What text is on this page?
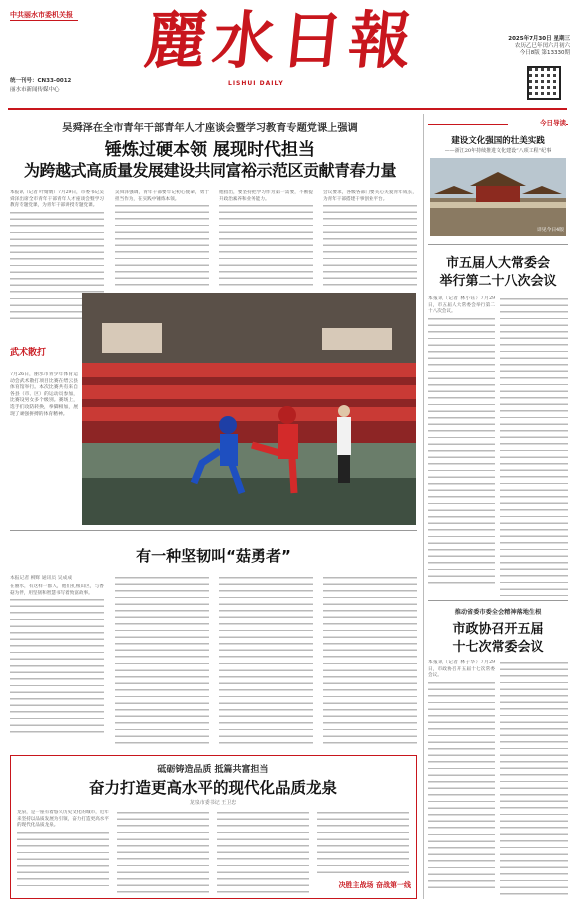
中共丽水市委机关报
统一刊号：CN33-0012
丽水市新闻传媒中心
麗水日報
LISHUI DAILY
2025年7月30日 星期三
农历乙巳年闰六月初六
今日8版 第13330期
吴舜泽在全市青年干部青年人才座谈会暨学习教育专题党课上强调
锤炼过硬本领 展现时代担当
为跨越式高质量发展建设共同富裕示范区贡献青春力量
本报讯（记者 叶婧婧）7月29日，市委书记吴舜泽出席全市青年干部青年人才座谈会暨学习教育专题党课，为青年干部讲授专题党课。
吴舜泽强调，青年干部要牢记初心使命，勇于担当作为，在实践中锤炼本领。
他指出，要坚持把学习作为第一需要，不断提升政治素养和业务能力。
会议要求，各级各部门要关心关爱青年成长，为青年干部搭建干事创业平台。
武术散打
7月26日，丽水市青少年体育运动会武术散打项目比赛在缙云县体育馆举行。本次比赛共有来自各县（市、区）的运动员参加，比赛设男女多个级别。赛场上，选手们攻防转换，拳脚相加，展现了顽强拼搏的体育精神。
有一种坚韧叫“菇勇者”
本报记者 柳辉 通讯员 吴成成
在丽水，有这样一群人，他们扎根山区，与香菇为伴，用坚韧和智慧书写着致富故事。
砥砺铸造品质 抵篇共富担当
奋力打造更高水平的现代化品质龙泉
龙泉市委书记 王卫忠
龙泉，是一座有着悠久历史文化的城市，近年来坚持以品质发展为引领，奋力打造更高水平的现代化品质龙泉。
决胜主战场 奋战第一线
今日导读
建设文化强国的壮美实践
——浙江20年持续推进文化建设“八项工程”纪事
详见今日4版
市五届人大常委会
举行第二十八次会议
本报讯（记者 林小钰）7月29日，市五届人大常委会举行第二十八次会议。
推动省委市委全会精神落地生根
市政协召开五届
十七次常委会议
本报讯（记者 林子华）7月29日，市政协召开五届十七次常委会议。
